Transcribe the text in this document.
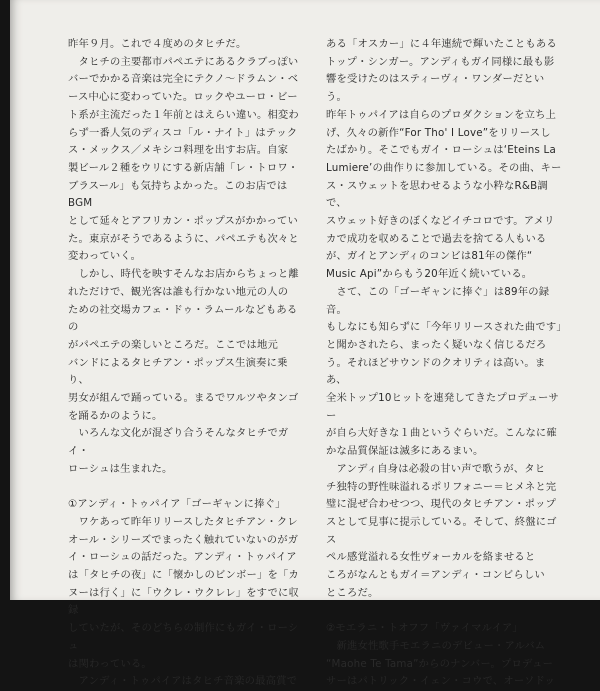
昨年９月。これで４度めのタヒチだ。

　タヒチの主要都市パペエテにあるクラブっぽい

バーでかかる音楽は完全にテクノ〜ドラムン・ベ

ース中心に変わっていた。ロックやユーロ・ビー

ト系が主流だった１年前とはえらい違い。相変わ

らず一番人気のディスコ「ル・ナイト」はテック

ス・メックス／メキシコ料理を出すお店。自家

製ビール２種をウリにする新店舗「レ・トロワ・

ブラスール」も気持ちよかった。このお店ではBGM

として延々とアフリカン・ポップスがかかってい

た。東京がそうであるように、パペエテも次々と

変わっていく。

　しかし、時代を映すそんなお店からちょっと離

れただけで、観光客は誰も行かない地元の人の

ための社交場カフェ・ドゥ・ラムールなどもあるの

がパペエテの楽しいところだ。ここでは地元

バンドによるタヒチアン・ポップス生演奏に乗り、

男女が組んで踊っている。まるでワルツやタンゴ

を踊るかのように。

　いろんな文化が混ざり合うそんなタヒチでガイ・

ローシュは生まれた。

①アンディ・トゥパイア「ゴーギャンに捧ぐ」

　ワケあって昨年リリースしたタヒチアン・クレ

オール・シリーズでまったく触れていないのがガ

イ・ローシュの話だった。アンディ・トゥパイア

は「タヒチの夜」に「懐かしのビンボー」を「カ

ヌーは行く」に「ウクレ・ウクレレ」をすでに収録

していたが、そのどちらの制作にもガイ・ローシュ

は関わっている。

　アンディ・トゥパイアはタヒチ音楽の最高賞で

ある「オスカー」に４年連続で輝いたこともある

トップ・シンガー。アンディもガイ同様に最も影

響を受けたのはスティーヴィ・ワンダーだという。

昨年トゥパイアは自らのプロダクションを立ち上

げ、久々の新作“For Tho' I Love”をリリースし

たばかり。そこでもガイ・ローシュは‘Eteins La

Lumiere’の曲作りに参加している。その曲、キー

ス・スウェットを思わせるような小粋なR&B調で、

スウェット好きのぼくなどイチコロです。アメリ

カで成功を収めることで過去を捨てる人もいる

が、ガイとアンディのコンビは81年の傑作“

Music Api”からもう20年近く続いている。

　さて、この「ゴーギャンに捧ぐ」は89年の録音。

もしなにも知らずに「今年リリースされた曲です」

と聞かされたら、まったく疑いなく信じるだろ

う。それほどサウンドのクオリティは高い。まあ、

全米トップ10ヒットを連発してきたプロデューサー

が自ら大好きな１曲というぐらいだ。こんなに確

かな品質保証は滅多にあるまい。

　アンディ自身は必殺の甘い声で歌うが、タヒ

チ独特の野性味溢れるポリフォニー＝ヒメネと完

璧に混ぜ合わせつつ、現代のタヒチアン・ポップ

スとして見事に提示している。そして、終盤にゴス

ペル感覚溢れる女性ヴォーカルを絡ませると

ころがなんともガイ＝アンディ・コンビらしい

ところだ。

②モエラニ・トオフフ「ヴァイマルイア」

　新進女性歌手モエラニのデビュー・アルバム

“Maohe Te Tama”からのナンバー。プロデュー

サーはパトリック・イェン・コウで、オーソドッ
